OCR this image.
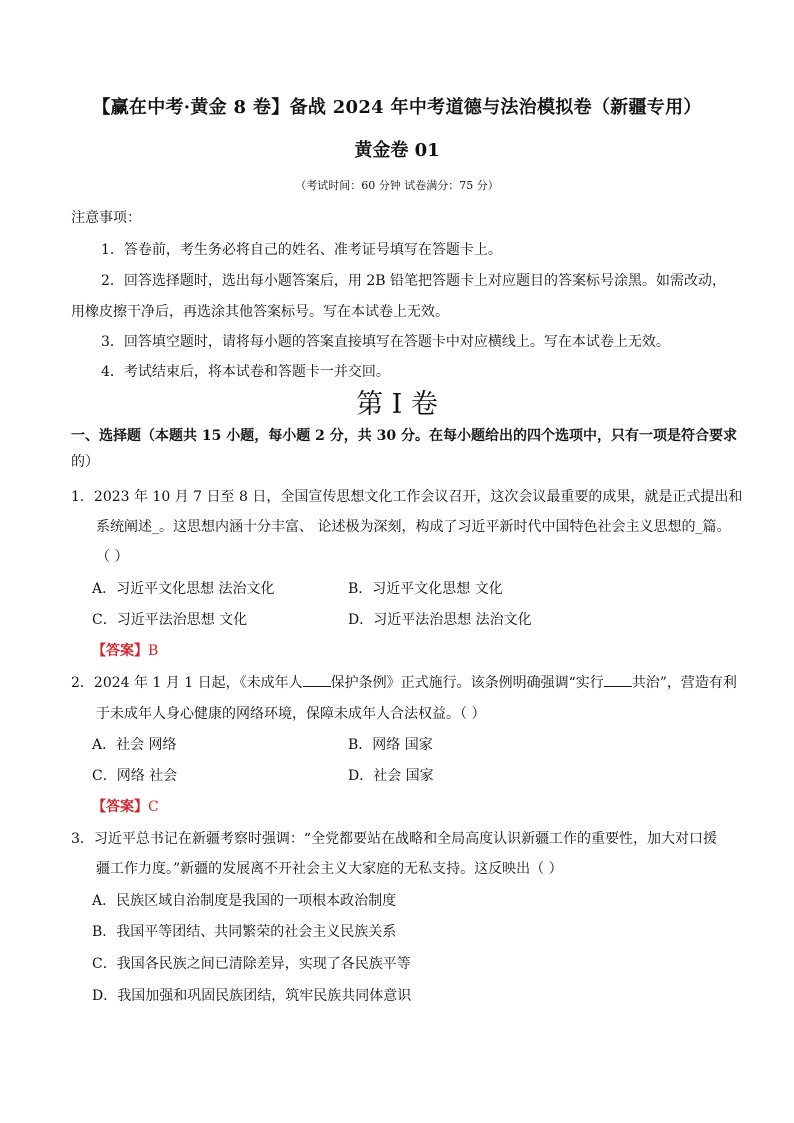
【赢在中考·黄金 8 卷】备战 2024 年中考道德与法治模拟卷（新疆专用）
黄金卷 01
（考试时间：60 分钟 试卷满分：75 分）
注意事项：
1．答卷前，考生务必将自己的姓名、准考证号填写在答题卡上。
2．回答选择题时，选出每小题答案后，用 2B 铅笔把答题卡上对应题目的答案标号涂黑。如需改动，
用橡皮擦干净后，再选涂其他答案标号。写在本试卷上无效。
3．回答填空题时，请将每小题的答案直接填写在答题卡中对应横线上。写在本试卷上无效。
4．考试结束后，将本试卷和答题卡一并交回。
第 I 卷
一、选择题（本题共 15 小题，每小题 2 分，共 30 分。在每小题给出的四个选项中，只有一项是符合要求
的）
1．2023 年 10 月 7 日至 8 日，全国宣传思想文化工作会议召开，这次会议最重要的成果，就是正式提出和
系统阐述_。这思想内涵十分丰富、 论述极为深刻，构成了习近平新时代中国特色社会主义思想的_篇。
（ ）
A．习近平文化思想 法治文化	B．习近平文化思想 文化
C．习近平法治思想 文化	D．习近平法治思想 法治文化
【答案】B
2．2024 年 1 月 1 日起，《未成年人 保护条例》正式施行。该条例明确强调“实行 共治”，营造有利
于未成年人身心健康的网络环境，保障未成年人合法权益。（ ）
A．社会 网络	B．网络 国家
C．网络 社会	D．社会 国家
【答案】C
3．习近平总书记在新疆考察时强调：“全党都要站在战略和全局高度认识新疆工作的重要性，加大对口援
疆工作力度。”新疆的发展离不开社会主义大家庭的无私支持。这反映出（ ）
A．民族区域自治制度是我国的一项根本政治制度
B．我国平等团结、共同繁荣的社会主义民族关系
C．我国各民族之间已清除差异，实现了各民族平等
D．我国加强和巩固民族团结，筑牢民族共同体意识
